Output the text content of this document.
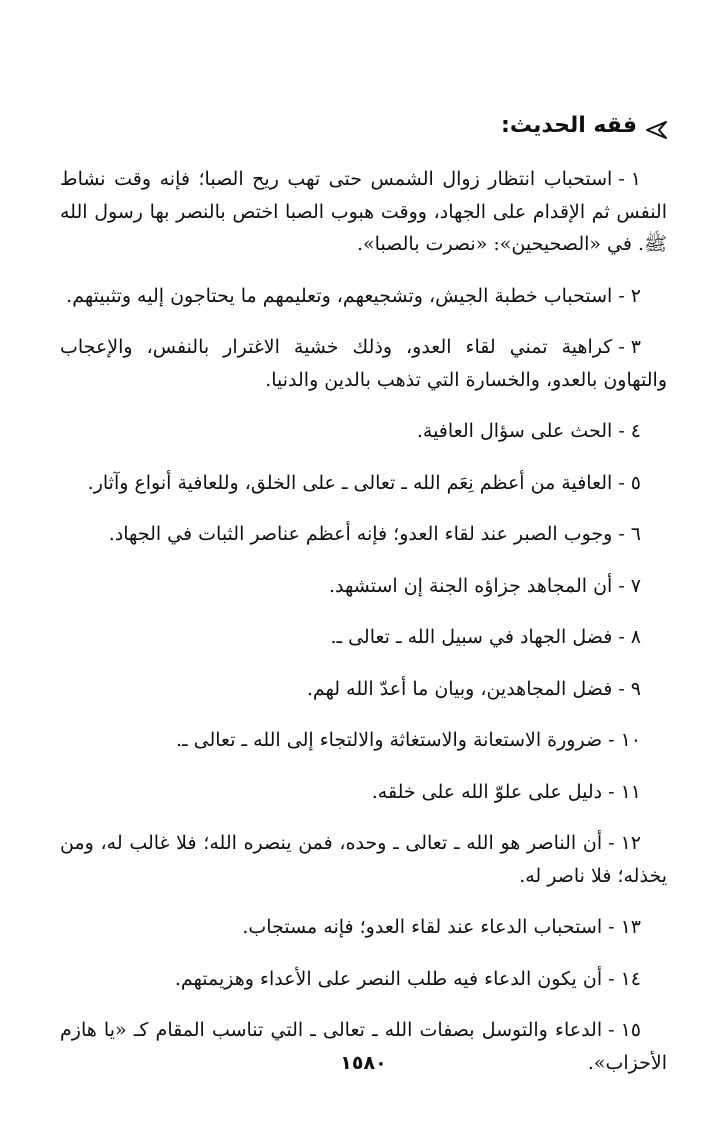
فقه الحديث:

١ -استحباب انتظار زوال الشمس حتى تهب ريح الصبا؛ فإنه وقت نشاط النفس ثم الإقدام على الجهاد، ووقت هبوب الصبا اختص بالنصر بها رسول الله ﷺ. في «الصحيحين»: «نصرت بالصبا».

٢ -استحباب خطبة الجيش، وتشجيعهم، وتعليمهم ما يحتاجون إليه وتثبيتهم.

٣ -كراهية تمني لقاء العدو، وذلك خشية الاغترار بالنفس، والإعجاب والتهاون بالعدو، والخسارة التي تذهب بالدين والدنيا.

٤ -الحث على سؤال العافية.

٥ -العافية من أعظم نِعَم الله ـ تعالى ـ على الخلق، وللعافية أنواع وآثار.

٦ -وجوب الصبر عند لقاء العدو؛ فإنه أعظم عناصر الثبات في الجهاد.

٧ -أن المجاهد جزاؤه الجنة إن استشهد.

٨ -فضل الجهاد في سبيل الله ـ تعالى ـ.

٩ -فضل المجاهدين، وبيان ما أعدّ الله لهم.

١٠ -ضرورة الاستعانة والاستغاثة والالتجاء إلى الله ـ تعالى ـ.

١١ -دليل على علوّ الله على خلقه.

١٢ -أن الناصر هو الله ـ تعالى ـ وحده، فمن ينصره الله؛ فلا غالب له، ومن يخذله؛ فلا ناصر له.

١٣ -استحباب الدعاء عند لقاء العدو؛ فإنه مستجاب.

١٤ -أن يكون الدعاء فيه طلب النصر على الأعداء وهزيمتهم.

١٥ -الدعاء والتوسل بصفات الله ـ تعالى ـ التي تناسب المقام كـ «يا هازم الأحزاب».

١٥٨٠
